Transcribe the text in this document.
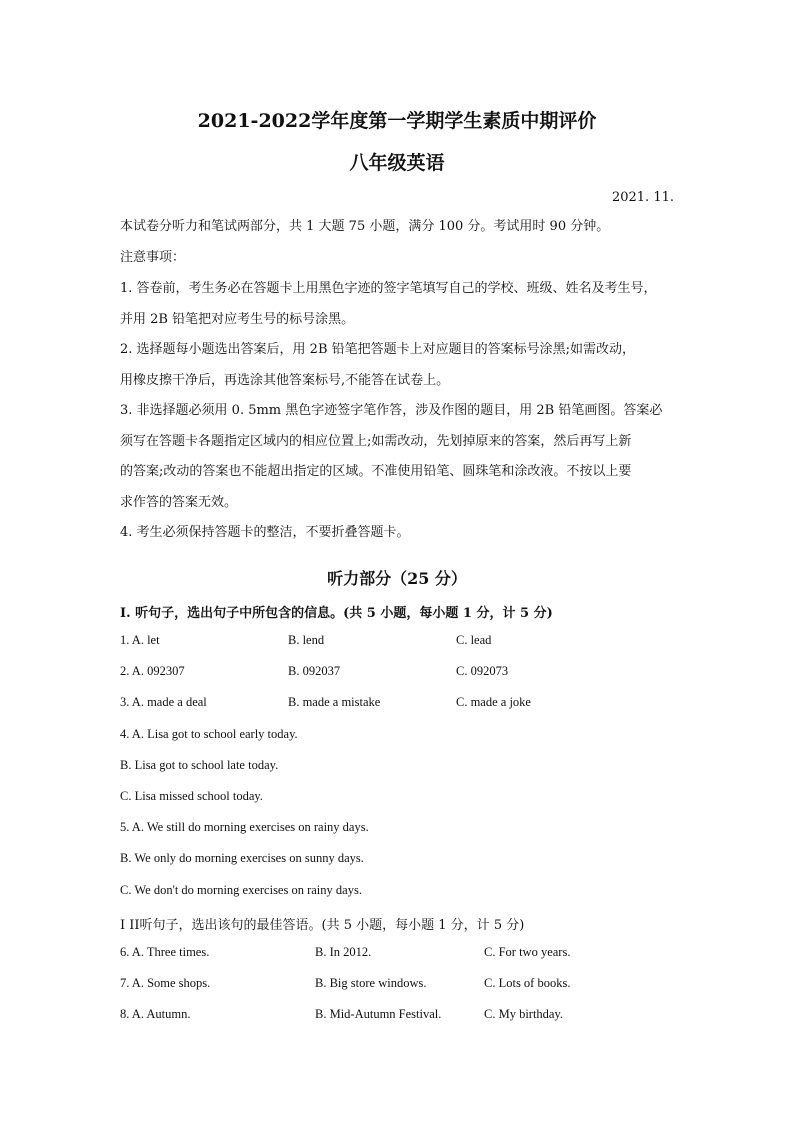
2021-2022学年度第一学期学生素质中期评价
八年级英语
2021. 11.
本试卷分听力和笔试两部分，共 1 大题 75 小题，满分 100 分。考试用时 90 分钟。
注意事项：
1. 答卷前，考生务必在答题卡上用黑色字迹的签字笔填写自己的学校、班级、姓名及考生号，
并用 2B 铅笔把对应考生号的标号涂黑。
2. 选择题每小题选出答案后，用 2B 铅笔把答题卡上对应题目的答案标号涂黑;如需改动，
用橡皮擦干净后，再选涂其他答案标号,不能答在试卷上。
3. 非选择题必须用 0. 5mm 黑色字迹签字笔作答，涉及作图的题目，用 2B 铅笔画图。答案必
须写在答题卡各题指定区域内的相应位置上;如需改动，先划掉原来的答案，然后再写上新
的答案;改动的答案也不能超出指定的区域。不准使用铅笔、圆珠笔和涂改液。不按以上要
求作答的答案无效。
4. 考生必须保持答题卡的整洁，不要折叠答题卡。
听力部分（25 分）
I. 听句子，选出句子中所包含的信息。(共 5 小题，每小题 1 分，计 5 分)
1. A. let	B. lend	C. lead
2. A. 092307	B. 092037	C. 092073
3. A. made a deal	B. made a mistake	C. made a joke
4. A. Lisa got to school early today.
B. Lisa got to school late today.
C. Lisa missed school today.
5. A. We still do morning exercises on rainy days.
B. We only do morning exercises on sunny days.
C. We don't do morning exercises on rainy days.
I II听句子，选出该句的最佳答语。(共 5 小题，每小题 1 分，计 5 分)
6. A. Three times.	B. In 2012.	C. For two years.
7. A. Some shops.	B. Big store windows.	C. Lots of books.
8. A. Autumn.	B. Mid-Autumn Festival.	C. My birthday.
